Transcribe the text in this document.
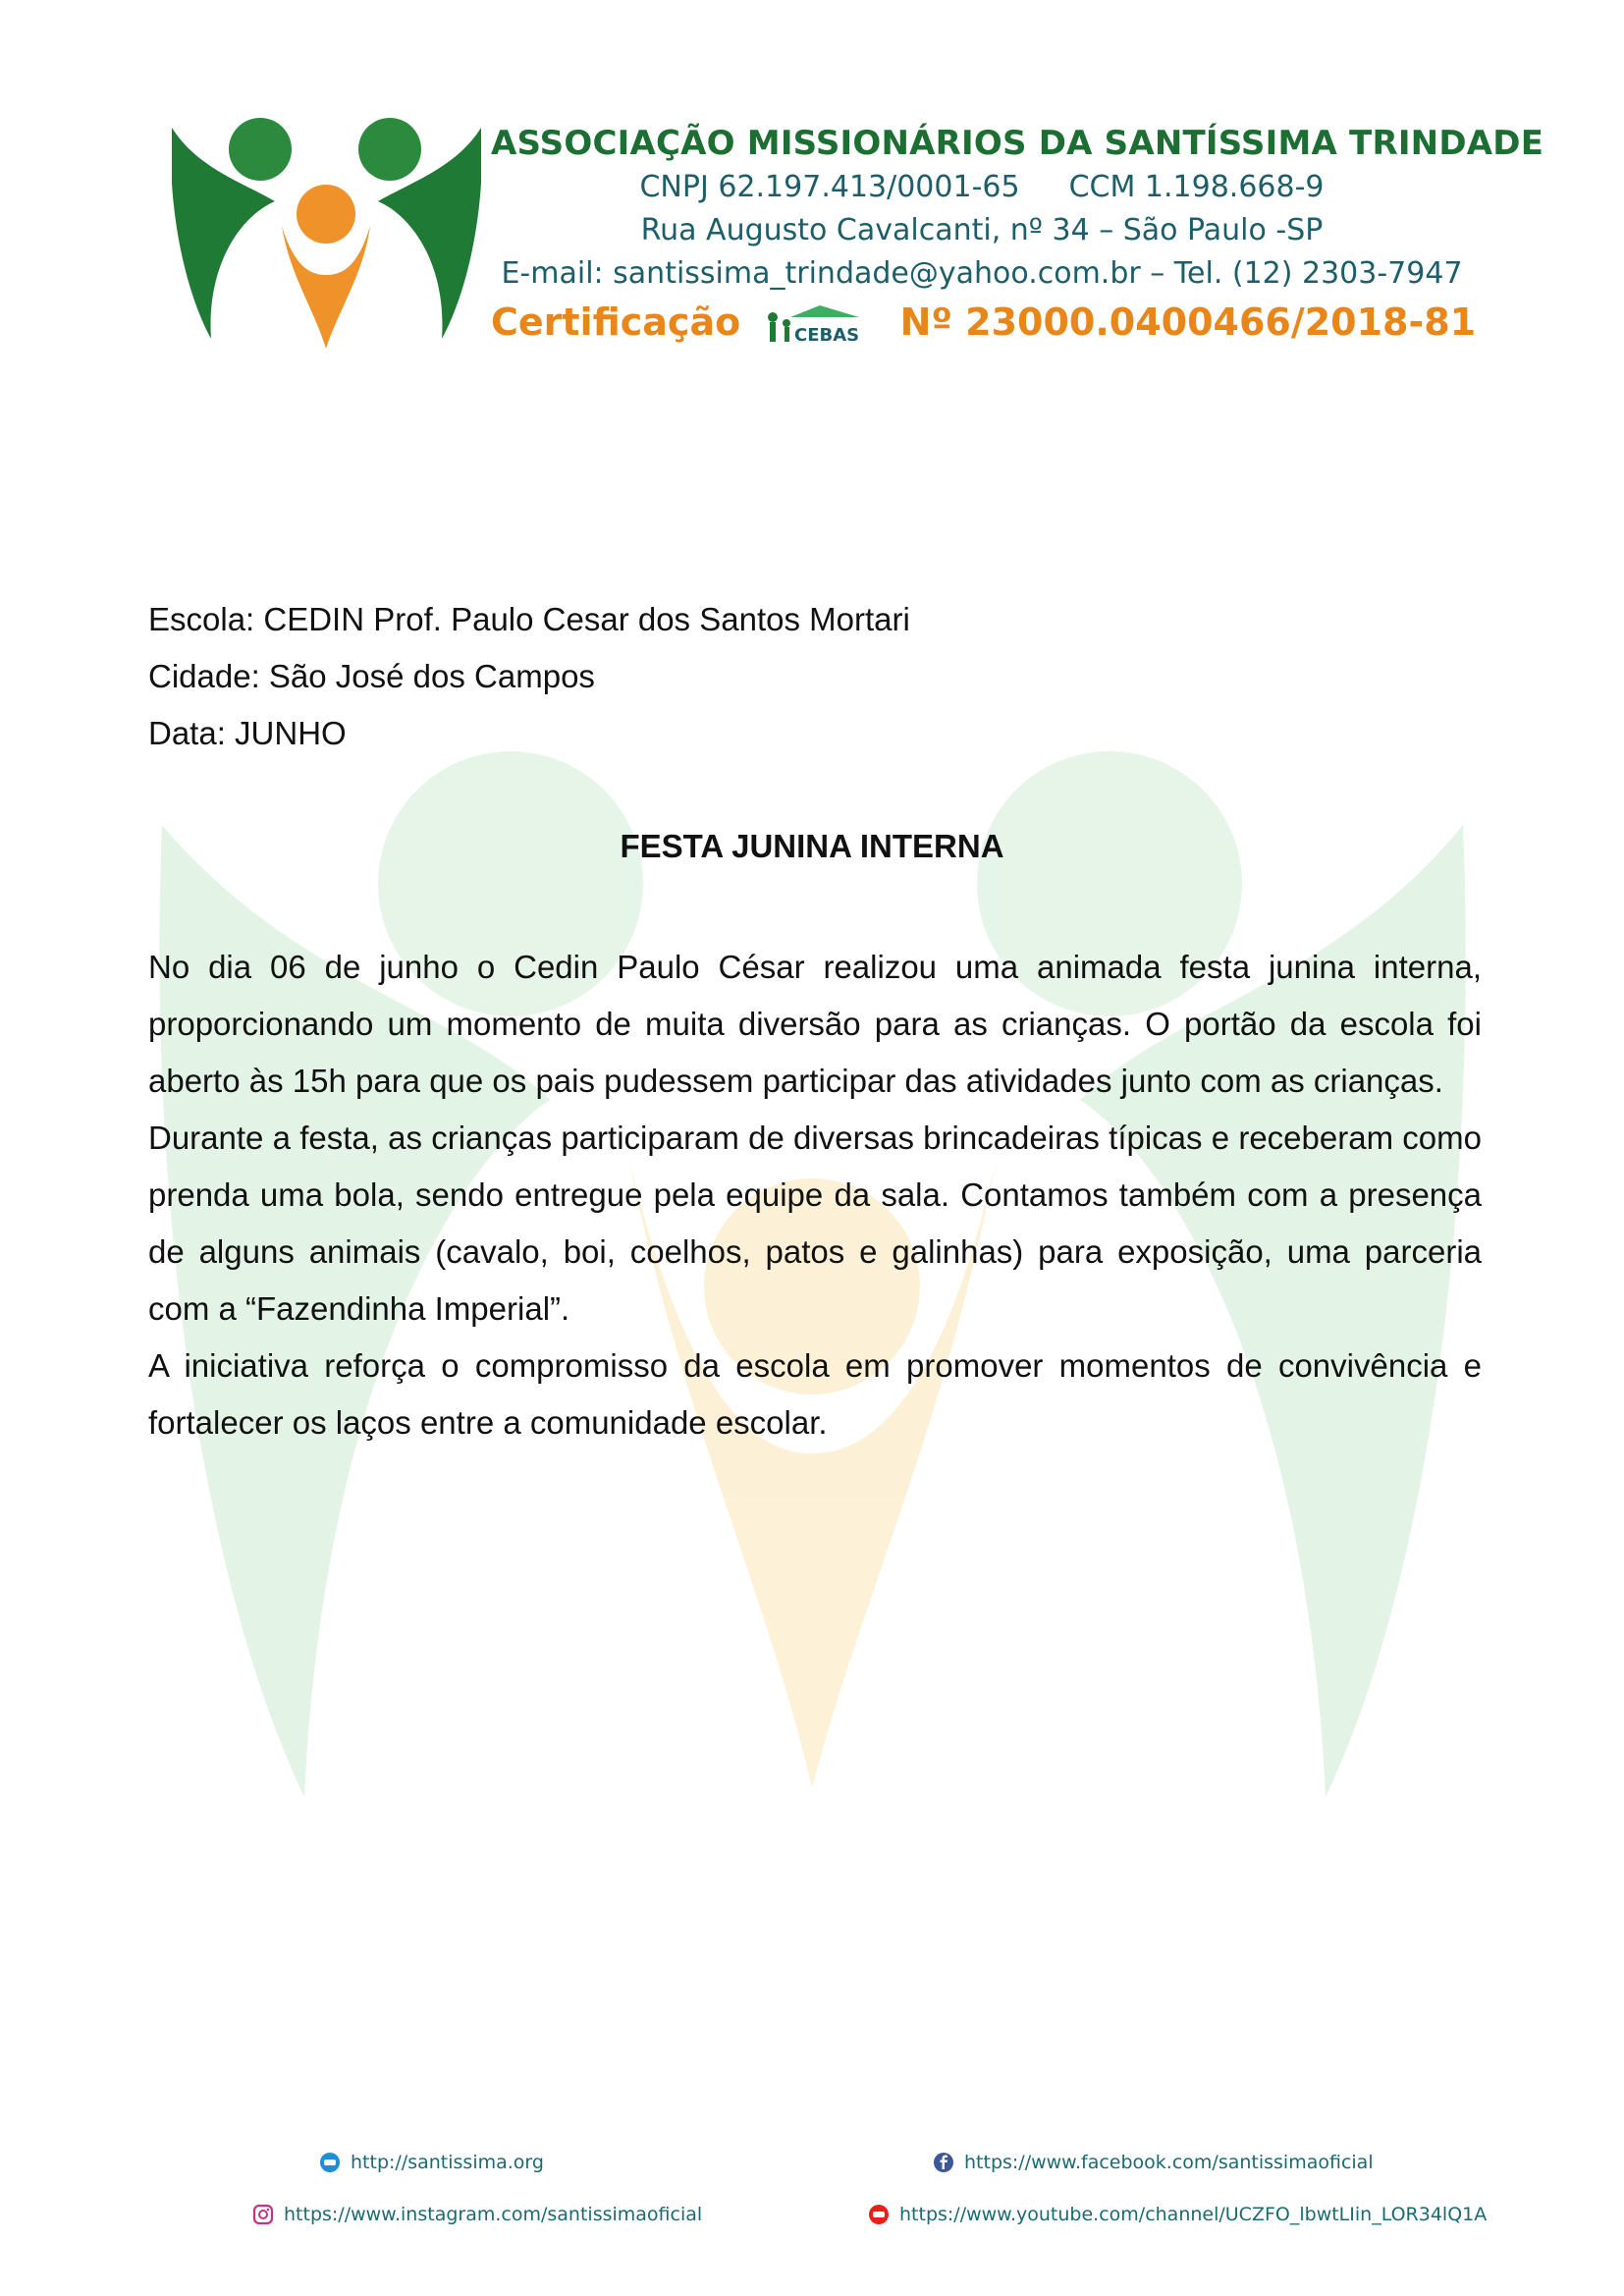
ASSOCIAÇÃO MISSIONÁRIOS DA SANTÍSSIMA TRINDADE
CNPJ 62.197.413/0001-65 CCM 1.198.668-9
Rua Augusto Cavalcanti, nº 34 – São Paulo -SP
E-mail: santissima_trindade@yahoo.com.br – Tel. (12) 2303-7947
Certificação	CEBAS Nº 23000.0400466/2018-81
Escola: CEDIN Prof. Paulo Cesar dos Santos Mortari
Cidade: São José dos Campos
Data: JUNHO
FESTA JUNINA INTERNA

No dia 06 de junho o Cedin Paulo César realizou uma animada festa junina interna, proporcionando um momento de muita diversão para as crianças. O portão da escola foi aberto às 15h para que os pais pudessem participar das atividades junto com as crianças.

Durante a festa, as crianças participaram de diversas brincadeiras típicas e receberam como prenda uma bola, sendo entregue pela equipe da sala. Contamos também com a presença de alguns animais (cavalo, boi, coelhos, patos e galinhas) para exposição, uma parceria com a “Fazendinha Imperial”.

A iniciativa reforça o compromisso da escola em promover momentos de convivência e fortalecer os laços entre a comunidade escolar.

http://santissima.org	https://www.facebook.com/santissimaoficial
https://www.instagram.com/santissimaoficial	https://www.youtube.com/channel/UCZFO_lbwtLIin_LOR34lQ1A
